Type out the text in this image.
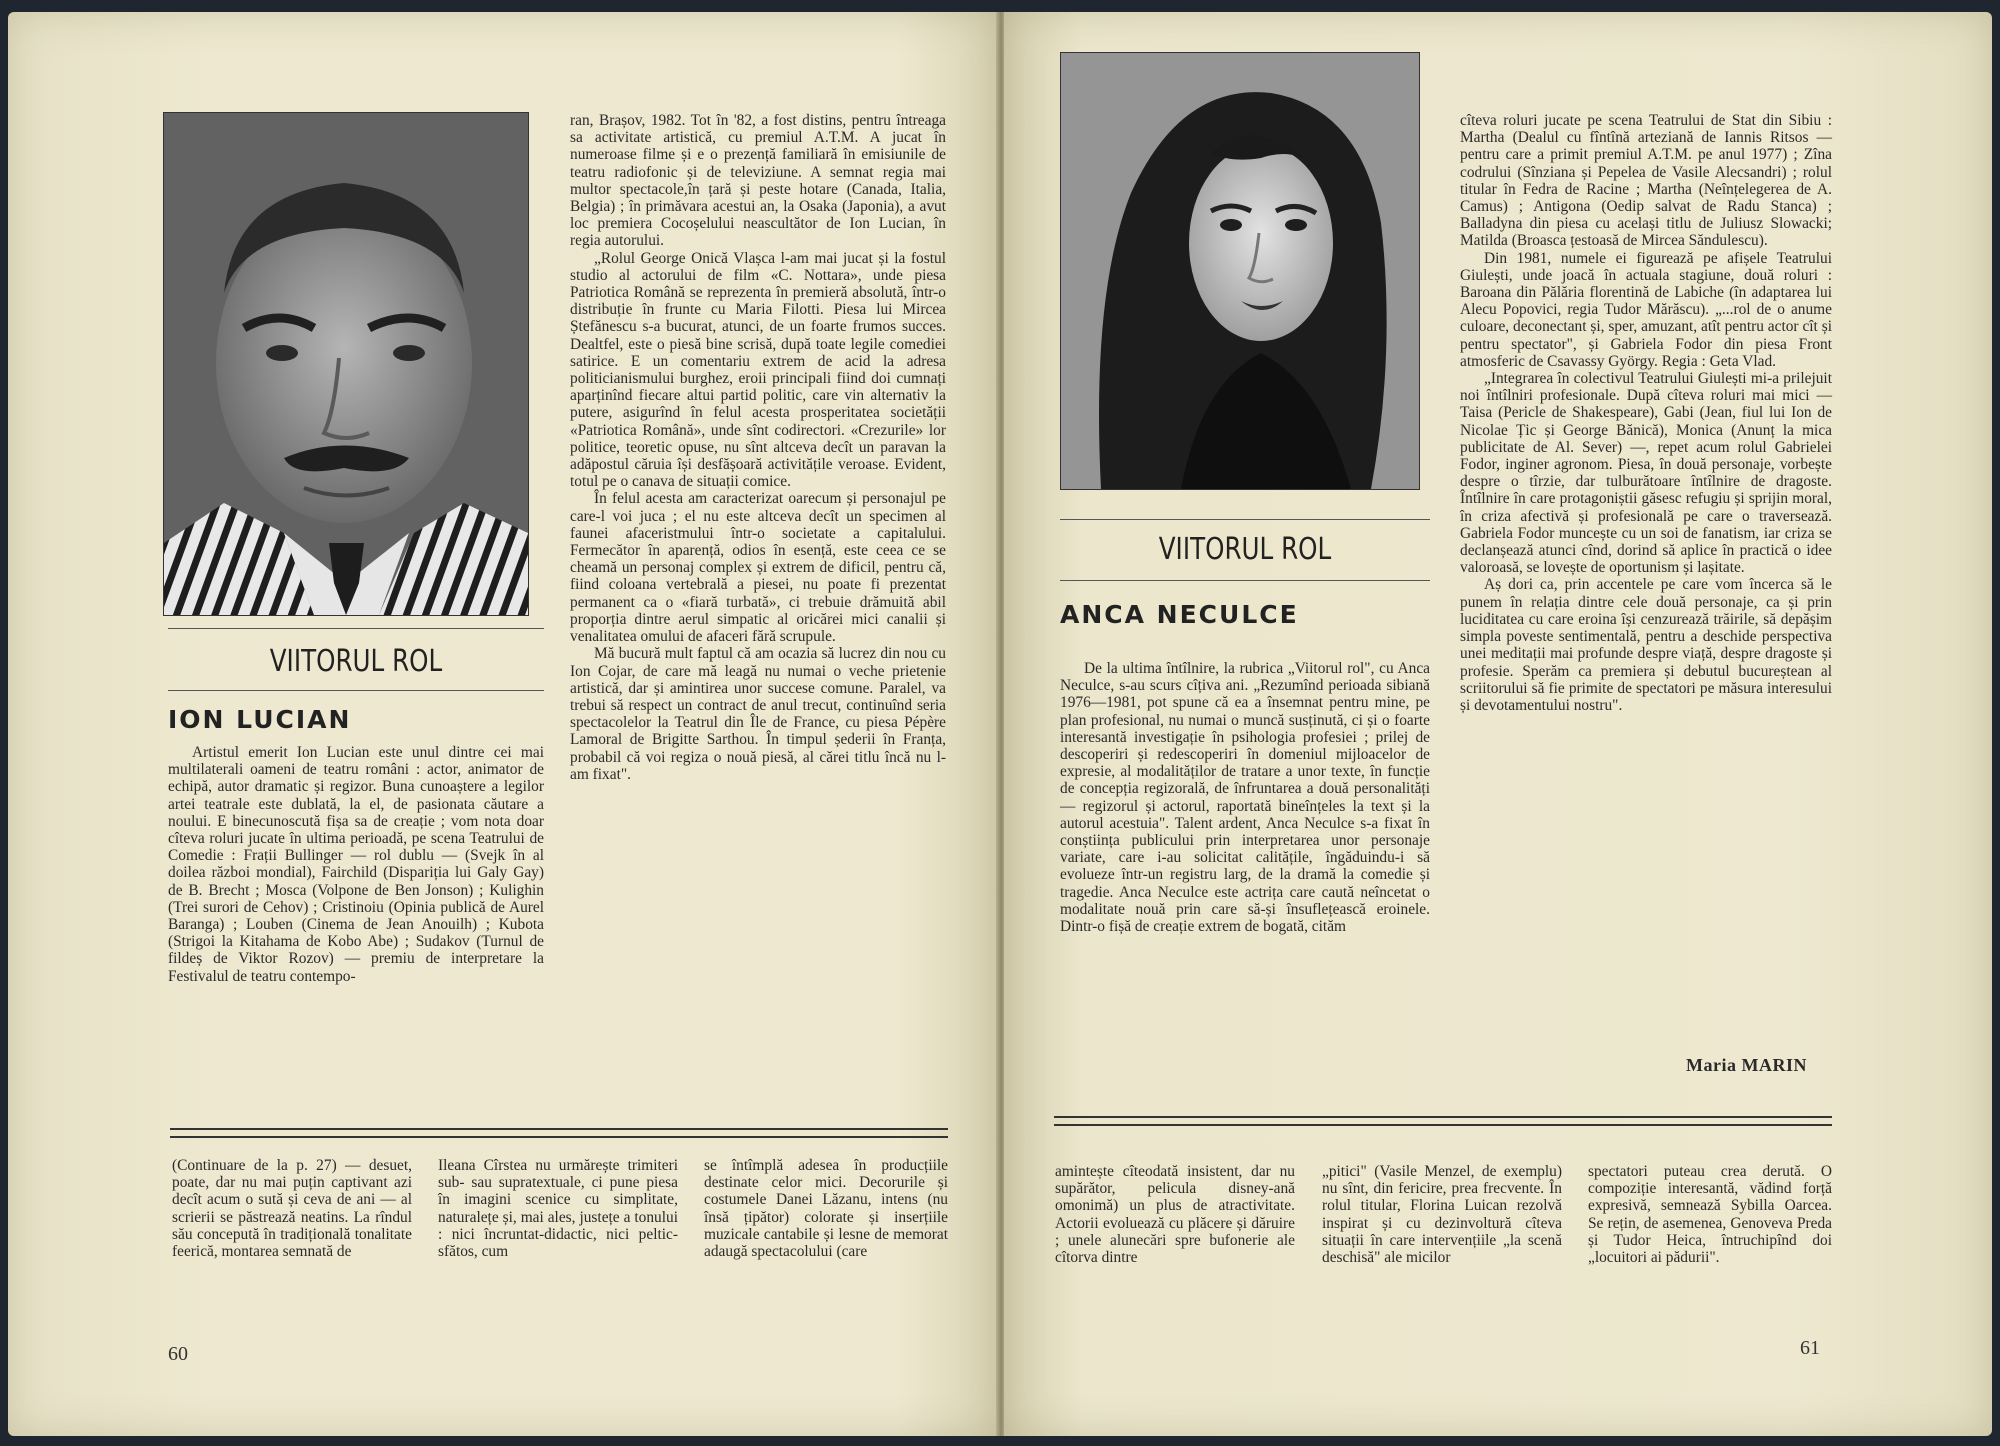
VIITORUL ROL
ION LUCIAN

Artistul emerit Ion Lucian este unul dintre cei mai multilaterali oameni de teatru români : actor, animator de echipă, autor dramatic și regizor. Buna cunoaștere a legilor artei teatrale este dublată, la el, de pasionata căutare a noului. E binecunoscută fișa sa de creație ; vom nota doar cîteva roluri jucate în ultima perioadă, pe scena Teatrului de Comedie : Frații Bullinger — rol dublu — (Svejk în al doilea război mondial), Fairchild (Dispariția lui Galy Gay) de B. Brecht ; Mosca (Volpone de Ben Jonson) ; Kulighin (Trei surori de Cehov) ; Cristinoiu (Opinia publică de Aurel Baranga) ; Louben (Cinema de Jean Anouilh) ; Kubota (Strigoi la Kitahama de Kobo Abe) ; Sudakov (Turnul de fildeș de Viktor Rozov) — premiu de interpretare la Festivalul de teatru contempo-

ran, Brașov, 1982. Tot în '82, a fost distins, pentru întreaga sa activitate artistică, cu premiul A.T.M. A jucat în numeroase filme și e o prezență familiară în emisiunile de teatru radiofonic și de televiziune. A semnat regia mai multor spectacole,în țară și peste hotare (Canada, Italia, Belgia) ; în primăvara acestui an, la Osaka (Japonia), a avut loc premiera Cocoșelului neascultător de Ion Lucian, în regia autorului.

„Rolul George Onică Vlașca l-am mai jucat și la fostul studio al actorului de film «C. Nottara», unde piesa Patriotica Română se reprezenta în premieră absolută, într-o distribuție în frunte cu Maria Filotti. Piesa lui Mircea Ștefănescu s-a bucurat, atunci, de un foarte frumos succes. Dealtfel, este o piesă bine scrisă, după toate legile comediei satirice. E un comentariu extrem de acid la adresa politicianismului burghez, eroii principali fiind doi cumnați aparținînd fiecare altui partid politic, care vin alternativ la putere, asigurînd în felul acesta prosperitatea societății «Patriotica Română», unde sînt codirectori. «Crezurile» lor politice, teoretic opuse, nu sînt altceva decît un paravan la adăpostul căruia își desfășoară activitățile veroase. Evident, totul pe o canava de situații comice.

În felul acesta am caracterizat oarecum și personajul pe care-l voi juca ; el nu este altceva decît un specimen al faunei afaceristmului într-o societate a capitalului. Fermecător în aparență, odios în esență, este ceea ce se cheamă un personaj complex și extrem de dificil, pentru că, fiind coloana vertebrală a piesei, nu poate fi prezentat permanent ca o «fiară turbată», ci trebuie drămuită abil proporția dintre aerul simpatic al oricărei mici canalii și venalitatea omului de afaceri fără scrupule.

Mă bucură mult faptul că am ocazia să lucrez din nou cu Ion Cojar, de care mă leagă nu numai o veche prietenie artistică, dar și amintirea unor succese comune. Paralel, va trebui să respect un contract de anul trecut, continuînd seria spectacolelor la Teatrul din Île de France, cu piesa Pépère Lamoral de Brigitte Sarthou. În timpul șederii în Franța, probabil că voi regiza o nouă piesă, al cărei titlu încă nu l-am fixat".

(Continuare de la p. 27) — desuet, poate, dar nu mai puțin captivant azi decît acum o sută și ceva de ani — al scrierii se păstrează neatins. La rîndul său concepută în tradițională tonalitate feerică, montarea semnată de

Ileana Cîrstea nu urmărește trimiteri sub- sau supratextuale, ci pune piesa în imagini scenice cu simplitate, naturalețe și, mai ales, justețe a tonului : nici încruntat-didactic, nici peltic-sfătos, cum

se întîmplă adesea în producțiile destinate celor mici. Decorurile și costumele Danei Lăzanu, intens (nu însă țipător) colorate și inserțiile muzicale cantabile și lesne de memorat adaugă spectacolului (care

60
VIITORUL ROL
ANCA NECULCE

De la ultima întîlnire, la rubrica „Viitorul rol", cu Anca Neculce, s-au scurs cîțiva ani. „Rezumînd perioada sibiană 1976—1981, pot spune că ea a însemnat pentru mine, pe plan profesional, nu numai o muncă susținută, ci și o foarte interesantă investigație în psihologia profesiei ; prilej de descoperiri și redescoperiri în domeniul mijloacelor de expresie, al modalităților de tratare a unor texte, în funcție de concepția regizorală, de înfruntarea a două personalități — regizorul și actorul, raportată bineînțeles la text și la autorul acestuia". Talent ardent, Anca Neculce s-a fixat în conștiința publicului prin interpretarea unor personaje variate, care i-au solicitat calitățile, îngăduindu-i să evolueze într-un registru larg, de la dramă la comedie și tragedie. Anca Neculce este actrița care caută neîncetat o modalitate nouă prin care să-și însuflețească eroinele. Dintr-o fișă de creație extrem de bogată, cităm

cîteva roluri jucate pe scena Teatrului de Stat din Sibiu : Martha (Dealul cu fîntînă arteziană de Iannis Ritsos — pentru care a primit premiul A.T.M. pe anul 1977) ; Zîna codrului (Sînziana și Pepelea de Vasile Alecsandri) ; rolul titular în Fedra de Racine ; Martha (Neînțelegerea de A. Camus) ; Antigona (Oedip salvat de Radu Stanca) ; Balladyna din piesa cu același titlu de Juliusz Slowacki; Matilda (Broasca țestoasă de Mircea Săndulescu).

Din 1981, numele ei figurează pe afișele Teatrului Giulești, unde joacă în actuala stagiune, două roluri : Baroana din Pălăria florentină de Labiche (în adaptarea lui Alecu Popovici, regia Tudor Mărăscu). „...rol de o anume culoare, deconectant și, sper, amuzant, atît pentru actor cît și pentru spectator", și Gabriela Fodor din piesa Front atmosferic de Csavassy György. Regia : Geta Vlad.

„Integrarea în colectivul Teatrului Giulești mi-a prilejuit noi întîlniri profesionale. După cîteva roluri mai mici — Taisa (Pericle de Shakespeare), Gabi (Jean, fiul lui Ion de Nicolae Țic și George Bănică), Monica (Anunț la mica publicitate de Al. Sever) —, repet acum rolul Gabrielei Fodor, inginer agronom. Piesa, în două personaje, vorbește despre o tîrzie, dar tulburătoare întîlnire de dragoste. Întîlnire în care protagoniștii găsesc refugiu și sprijin moral, în criza afectivă și profesională pe care o traversează. Gabriela Fodor muncește cu un soi de fanatism, iar criza se declanșează atunci cînd, dorind să aplice în practică o idee valoroasă, se lovește de oportunism și lașitate.

Aș dori ca, prin accentele pe care vom încerca să le punem în relația dintre cele două personaje, ca și prin luciditatea cu care eroina își cenzurează trăirile, să depășim simpla poveste sentimentală, pentru a deschide perspectiva unei meditații mai profunde despre viață, despre dragoste și profesie. Sperăm ca premiera și debutul bucureștean al scriitorului să fie primite de spectatori pe măsura interesului și devotamentului nostru".

Maria MARIN

amintește cîteodată insistent, dar nu supărător, pelicula disney-ană omonimă) un plus de atractivitate. Actorii evoluează cu plăcere și dăruire ; unele alunecări spre bufonerie ale cîtorva dintre

„pitici" (Vasile Menzel, de exemplu) nu sînt, din fericire, prea frecvente. În rolul titular, Florina Luican rezolvă inspirat și cu dezinvoltură cîteva situații în care intervențiile „la scenă deschisă" ale micilor

spectatori puteau crea derută. O compoziție interesantă, vădind forță expresivă, semnează Sybilla Oarcea. Se rețin, de asemenea, Genoveva Preda și Tudor Heica, întruchipînd doi „locuitori ai pădurii".

61
